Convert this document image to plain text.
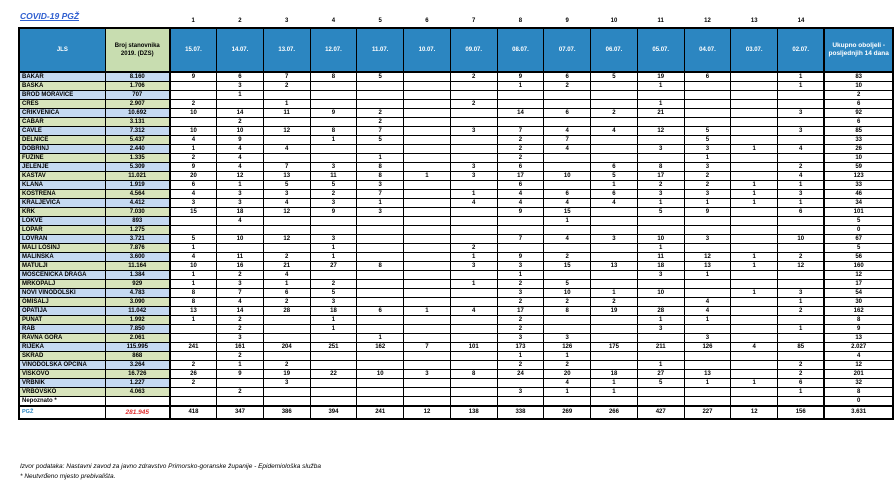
COVID-19 PGŽ
			1	2	3	4	5	6	7	8	9	10	11	12	13	14	
JLS	Broj stanovnika 2019. (DZS)	15.07.	14.07.	13.07.	12.07.	11.07.	10.07.	09.07.	08.07.	07.07.	06.07.	05.07.	04.07.	03.07.	02.07.	Ukupno oboljeli - posljednjih 14 dana
BAKAR	8.160	9	6	7	8	5		2	9	6	5	19	6		1	83
BAŠKA	1.706		3	2					1	2		1			1	10
BROD MORAVICE	707		1													2
CRES	2.907	2		1				2				1				6
CRIKVENICA	10.692	10	14	11	9	2			14	6	2	21			3	92
ČABAR	3.131		2			2										6
ČAVLE	7.312	10	10	12	8	7		3	7	4	4	12	5		3	85
DELNICE	5.437	4	9		1	5			2	7			5			33
DOBRINJ	2.440	1	4	4					2	4		3	3	1	4	26
FUŽINE	1.335	2	4			1			2				1			10
JELENJE	5.309	9	4	7	3	8		3	6		6	8	3		2	59
KASTAV	11.021	20	12	13	11	8	1	3	17	10	5	17	2		4	123
KLANA	1.919	6	1	5	5	3			6		1	2	2	1	1	33
KOSTRENA	4.564	4	3	3	2	7		1	4	6	6	3	3	1	3	46
KRALJEVICA	4.412	3	3	4	3	1		4	4	4	4	1	1	1	1	34
KRK	7.030	15	18	12	9	3			9	15		5	9		6	101
LOKVE	893		4							1						5
LOPAR	1.275															0
LOVRAN	3.721	5	10	12	3				7	4	3	10	3		10	67
MALI LOŠINJ	7.876	1			1			2				1				5
MALINSKA	3.600	4	11	2	1			1	9	2		11	12	1	2	56
MATULJI	11.164	10	16	21	27	8		3	3	15	13	18	13	1	12	160
MOŠĆENIČKA DRAGA	1.384	1	2	4					1			3	1			12
MRKOPALJ	929	1	3	1	2			1	2	5						17
NOVI VINODOLSKI	4.783	8	7	6	5				3	10	1	10		1	3	54
OMIŠALJ	3.090	8	4	2	3				2	2	2		4		1	30
OPATIJA	11.042	13	14	28	18	6	1	4	17	8	19	28	4		2	162
PUNAT	1.992	1	2		1				2			1	1			8
RAB	7.850		2		1				2			3			1	9
RAVNA GORA	2.061		3			1			3	3			3			13
RIJEKA	115.995	241	161	204	251	162	7	101	173	126	175	211	126	4	85	2.027
SKRAD	868		2						1	1						4
VINODOLSKA OPĆINA	3.264	2	1	2					2	2		1			2	12
VIŠKOVO	16.726	26	9	19	22	10	3	8	24	20	18	27	13		2	201
VRBNIK	1.227	2		3						4	1	5	1	1	6	32
VRBOVSKO	4.063		2						3	1	1				1	8
Nepoznato *																0
PGŽ	281.945	418	347	386	394	241	12	138	338	269	266	427	227	12	156	3.631
Izvor podataka: Nastavni zavod za javno zdravstvo Primorsko-goranske županije - Epidemiološka služba
* Neutvrđeno mjesto prebivališta.
